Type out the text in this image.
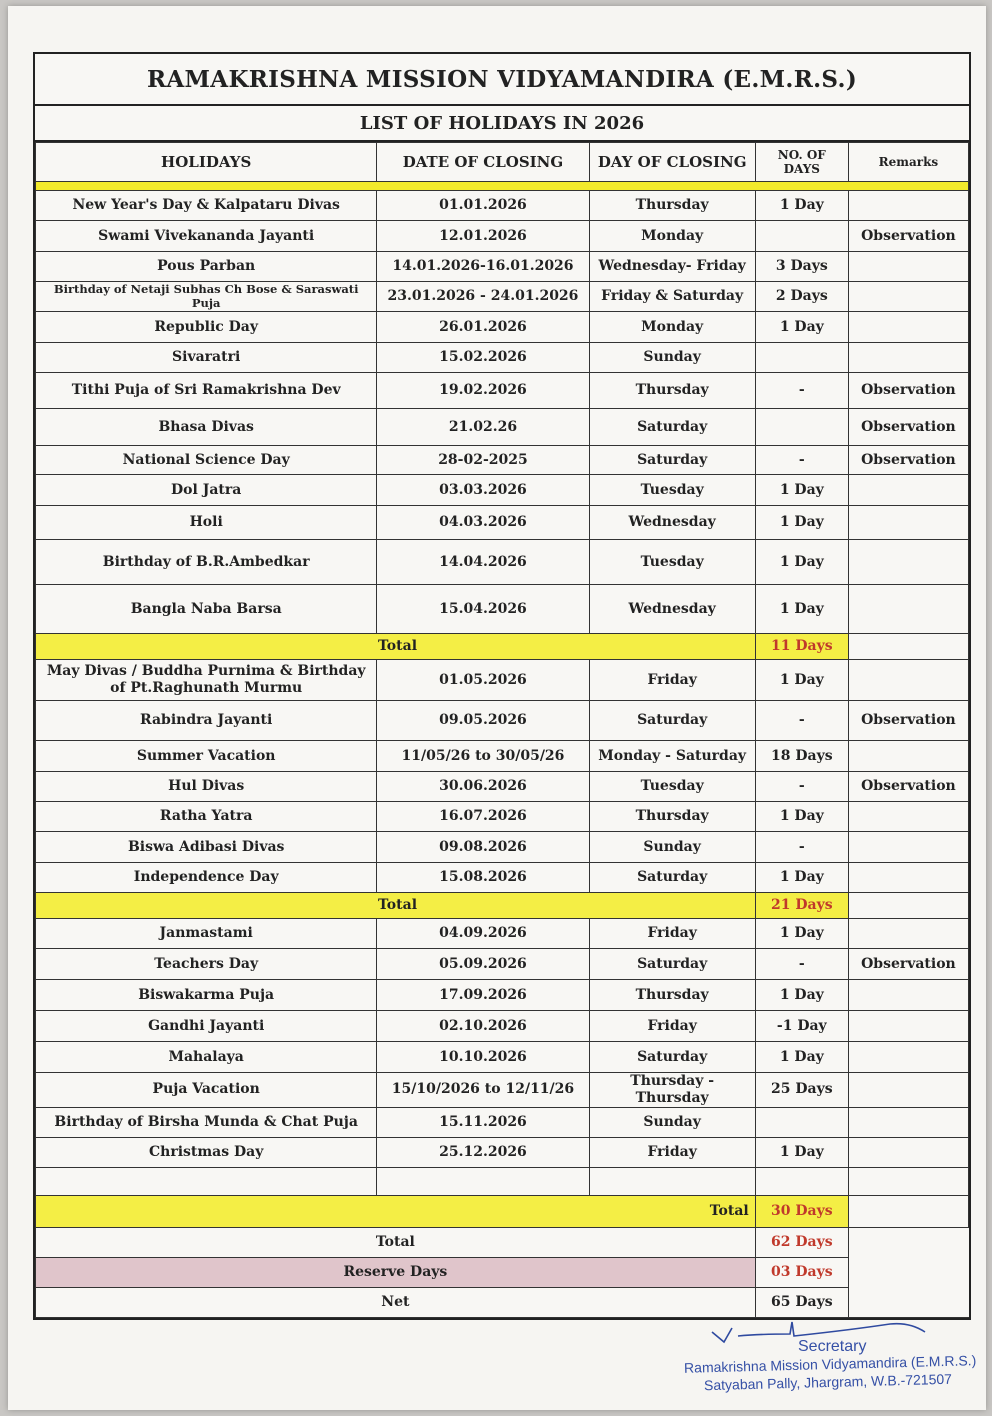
RAMAKRISHNA MISSION VIDYAMANDIRA (E.M.R.S.)
LIST OF HOLIDAYS IN 2026
HOLIDAYS	DATE OF CLOSING	DAY OF CLOSING	NO. OF DAYS	Remarks

New Year's Day & Kalpataru Divas	01.01.2026	Thursday	1 Day	
Swami Vivekananda Jayanti	12.01.2026	Monday		Observation
Pous Parban	14.01.2026-16.01.2026	Wednesday- Friday	3 Days	
Birthday of Netaji Subhas Ch Bose & Saraswati Puja	23.01.2026 - 24.01.2026	Friday & Saturday	2 Days	
Republic Day	26.01.2026	Monday	1 Day	
Sivaratri	15.02.2026	Sunday		
Tithi Puja of Sri Ramakrishna Dev	19.02.2026	Thursday	-	Observation
Bhasa Divas	21.02.26	Saturday		Observation
National Science Day	28-02-2025	Saturday	-	Observation
Dol Jatra	03.03.2026	Tuesday	1 Day	
Holi	04.03.2026	Wednesday	1 Day	
Birthday of B.R.Ambedkar	14.04.2026	Tuesday	1 Day	
Bangla Naba Barsa	15.04.2026	Wednesday	1 Day	
Total			11 Days	
May Divas / Buddha Purnima & Birthday of Pt.Raghunath Murmu	01.05.2026	Friday	1 Day	
Rabindra Jayanti	09.05.2026	Saturday	-	Observation
Summer Vacation	11/05/26 to 30/05/26	Monday - Saturday	18 Days	
Hul Divas	30.06.2026	Tuesday	-	Observation
Ratha Yatra	16.07.2026	Thursday	1 Day	
Biswa Adibasi Divas	09.08.2026	Sunday	-	
Independence Day	15.08.2026	Saturday	1 Day	
Total			21 Days	
Janmastami	04.09.2026	Friday	1 Day	
Teachers Day	05.09.2026	Saturday	-	Observation
Biswakarma Puja	17.09.2026	Thursday	1 Day	
Gandhi Jayanti	02.10.2026	Friday	-1 Day	
Mahalaya	10.10.2026	Saturday	1 Day	
Puja Vacation	15/10/2026 to 12/11/26	Thursday - Thursday	25 Days	
Birthday of Birsha Munda & Chat Puja	15.11.2026	Sunday		
Christmas Day	25.12.2026	Friday	1 Day	

Total			30 Days	
Total			62 Days	
Reserve Days			03 Days	
Net			65 Days	
Secretary
Ramakrishna Mission Vidyamandira (E.M.R.S.)
Satyaban Pally, Jhargram, W.B.-721507
